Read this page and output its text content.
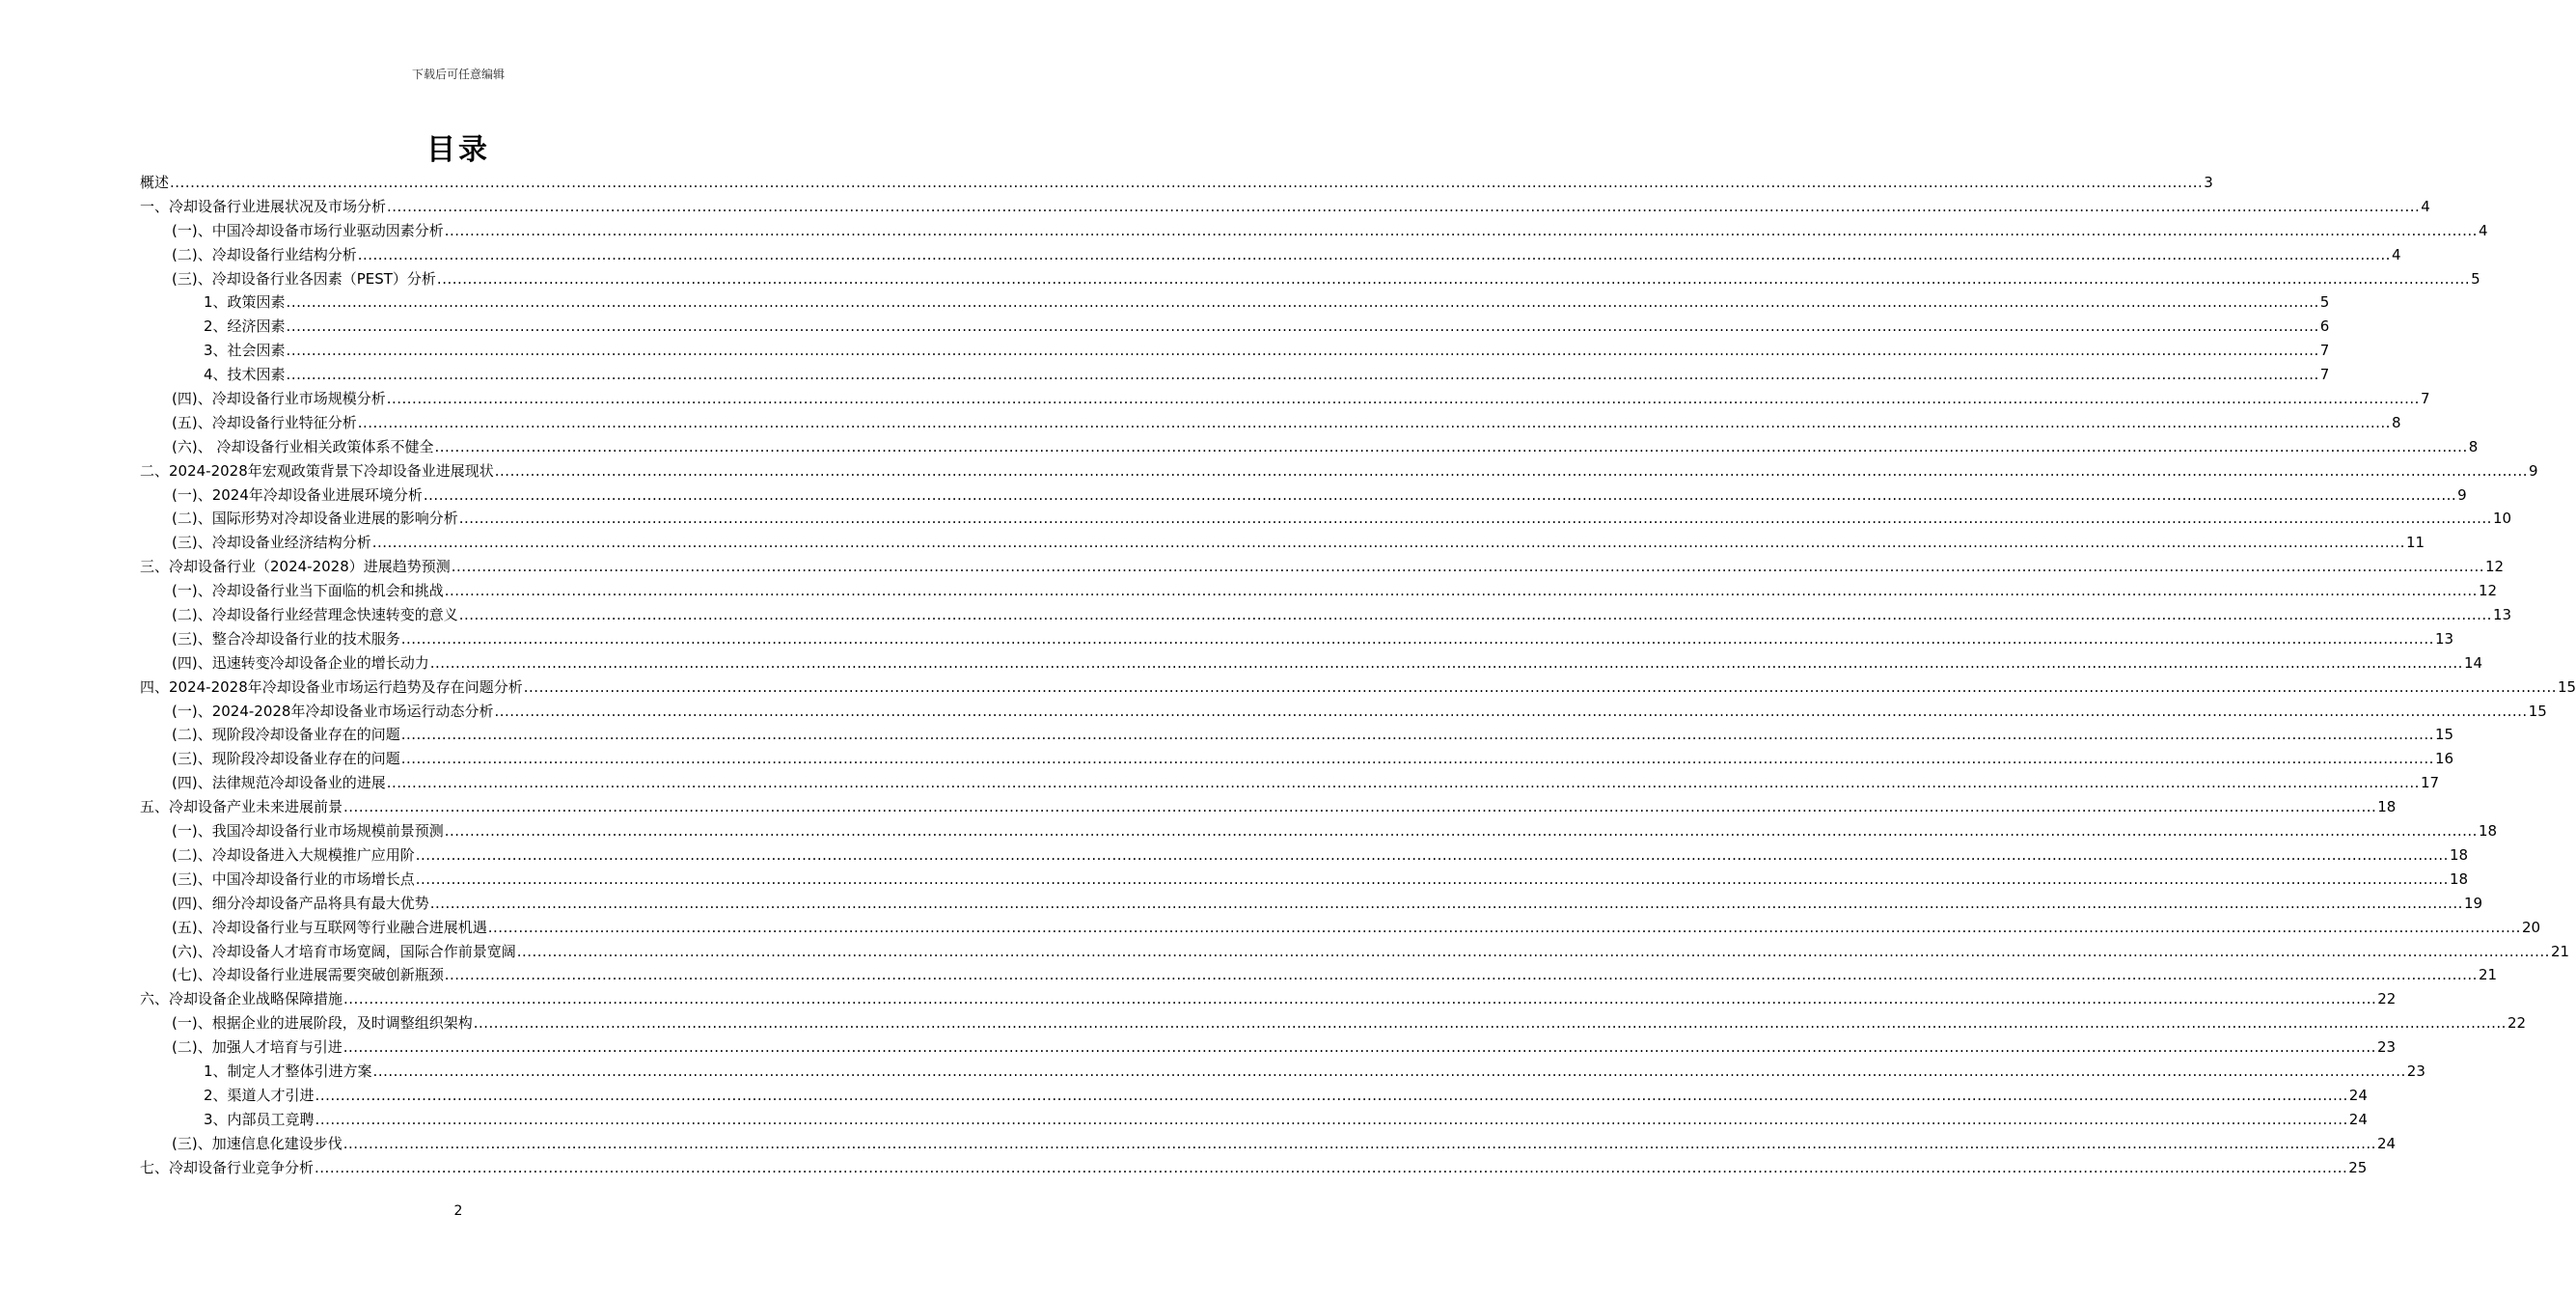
下载后可任意编辑
目录
概述 ................................................................................................................................................................................................................................................................................................................................................................................................................ 3
一、冷却设备行业进展状况及市场分析 ................................................................................................................................................................................................................................................................................................................................................................................................................ 4
(一)、中国冷却设备市场行业驱动因素分析 ................................................................................................................................................................................................................................................................................................................................................................................................................ 4
(二)、冷却设备行业结构分析 ................................................................................................................................................................................................................................................................................................................................................................................................................ 4
(三)、冷却设备行业各因素（PEST）分析 ................................................................................................................................................................................................................................................................................................................................................................................................................ 5
1、政策因素 ................................................................................................................................................................................................................................................................................................................................................................................................................ 5
2、经济因素 ................................................................................................................................................................................................................................................................................................................................................................................................................ 6
3、社会因素 ................................................................................................................................................................................................................................................................................................................................................................................................................ 7
4、技术因素 ................................................................................................................................................................................................................................................................................................................................................................................................................ 7
(四)、冷却设备行业市场规模分析 ................................................................................................................................................................................................................................................................................................................................................................................................................ 7
(五)、冷却设备行业特征分析 ................................................................................................................................................................................................................................................................................................................................................................................................................ 8
(六)、 冷却设备行业相关政策体系不健全 ................................................................................................................................................................................................................................................................................................................................................................................................................ 8
二、2024-2028年宏观政策背景下冷却设备业进展现状 ................................................................................................................................................................................................................................................................................................................................................................................................................ 9
(一)、2024年冷却设备业进展环境分析 ................................................................................................................................................................................................................................................................................................................................................................................................................ 9
(二)、国际形势对冷却设备业进展的影响分析 ................................................................................................................................................................................................................................................................................................................................................................................................................ 10
(三)、冷却设备业经济结构分析 ................................................................................................................................................................................................................................................................................................................................................................................................................ 11
三、冷却设备行业（2024-2028）进展趋势预测 ................................................................................................................................................................................................................................................................................................................................................................................................................ 12
(一)、冷却设备行业当下面临的机会和挑战 ................................................................................................................................................................................................................................................................................................................................................................................................................ 12
(二)、冷却设备行业经营理念快速转变的意义 ................................................................................................................................................................................................................................................................................................................................................................................................................ 13
(三)、整合冷却设备行业的技术服务 ................................................................................................................................................................................................................................................................................................................................................................................................................ 13
(四)、迅速转变冷却设备企业的增长动力 ................................................................................................................................................................................................................................................................................................................................................................................................................ 14
四、2024-2028年冷却设备业市场运行趋势及存在问题分析 ................................................................................................................................................................................................................................................................................................................................................................................................................ 15
(一)、2024-2028年冷却设备业市场运行动态分析 ................................................................................................................................................................................................................................................................................................................................................................................................................ 15
(二)、现阶段冷却设备业存在的问题 ................................................................................................................................................................................................................................................................................................................................................................................................................ 15
(三)、现阶段冷却设备业存在的问题 ................................................................................................................................................................................................................................................................................................................................................................................................................ 16
(四)、法律规范冷却设备业的进展 ................................................................................................................................................................................................................................................................................................................................................................................................................ 17
五、冷却设备产业未来进展前景 ................................................................................................................................................................................................................................................................................................................................................................................................................ 18
(一)、我国冷却设备行业市场规模前景预测 ................................................................................................................................................................................................................................................................................................................................................................................................................ 18
(二)、冷却设备进入大规模推广应用阶 ................................................................................................................................................................................................................................................................................................................................................................................................................ 18
(三)、中国冷却设备行业的市场增长点 ................................................................................................................................................................................................................................................................................................................................................................................................................ 18
(四)、细分冷却设备产品将具有最大优势 ................................................................................................................................................................................................................................................................................................................................................................................................................ 19
(五)、冷却设备行业与互联网等行业融合进展机遇 ................................................................................................................................................................................................................................................................................................................................................................................................................ 20
(六)、冷却设备人才培育市场宽阔，国际合作前景宽阔 ................................................................................................................................................................................................................................................................................................................................................................................................................ 21
(七)、冷却设备行业进展需要突破创新瓶颈 ................................................................................................................................................................................................................................................................................................................................................................................................................ 21
六、冷却设备企业战略保障措施 ................................................................................................................................................................................................................................................................................................................................................................................................................ 22
(一)、根据企业的进展阶段，及时调整组织架构 ................................................................................................................................................................................................................................................................................................................................................................................................................ 22
(二)、加强人才培育与引进 ................................................................................................................................................................................................................................................................................................................................................................................................................ 23
1、制定人才整体引进方案 ................................................................................................................................................................................................................................................................................................................................................................................................................ 23
2、渠道人才引进 ................................................................................................................................................................................................................................................................................................................................................................................................................ 24
3、内部员工竞聘 ................................................................................................................................................................................................................................................................................................................................................................................................................ 24
(三)、加速信息化建设步伐 ................................................................................................................................................................................................................................................................................................................................................................................................................ 24
七、冷却设备行业竞争分析 ................................................................................................................................................................................................................................................................................................................................................................................................................ 25
2
